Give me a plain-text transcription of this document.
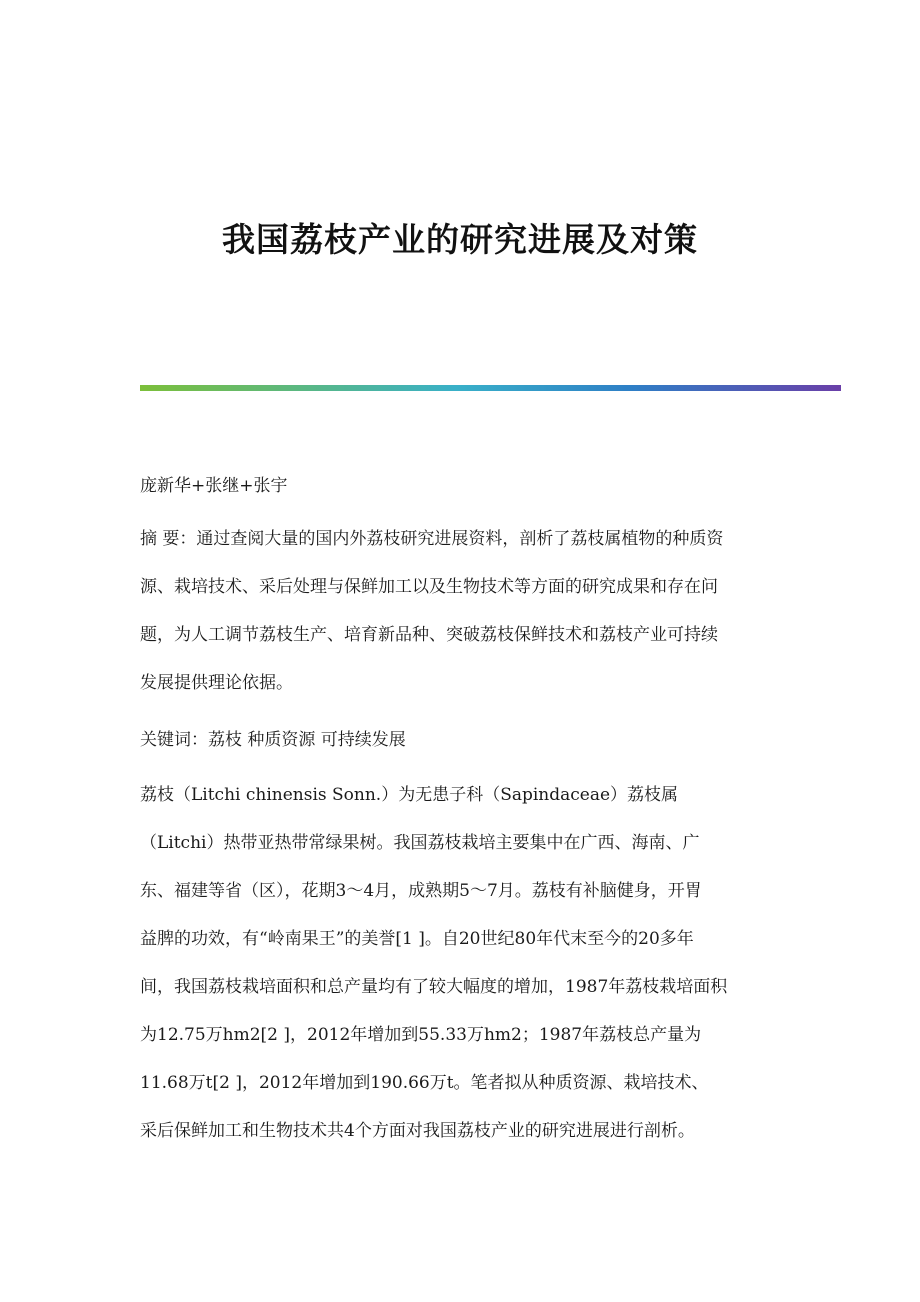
我国荔枝产业的研究进展及对策
庞新华+张继+张宇
摘 要：通过查阅大量的国内外荔枝研究进展资料，剖析了荔枝属植物的种质资
源、栽培技术、采后处理与保鲜加工以及生物技术等方面的研究成果和存在问
题，为人工调节荔枝生产、培育新品种、突破荔枝保鲜技术和荔枝产业可持续
发展提供理论依据。
关键词：荔枝 种质资源 可持续发展
荔枝（Litchi chinensis Sonn.）为无患子科（Sapindaceae）荔枝属
（Litchi）热带亚热带常绿果树。我国荔枝栽培主要集中在广西、海南、广
东、福建等省（区），花期3～4月，成熟期5～7月。荔枝有补脑健身，开胃
益脾的功效，有“岭南果王”的美誉[1 ]。自20世纪80年代末至今的20多年
间，我国荔枝栽培面积和总产量均有了较大幅度的增加，1987年荔枝栽培面积
为12.75万hm2[2 ]，2012年增加到55.33万hm2；1987年荔枝总产量为
11.68万t[2 ]，2012年增加到190.66万t。笔者拟从种质资源、栽培技术、
采后保鲜加工和生物技术共4个方面对我国荔枝产业的研究进展进行剖析。
